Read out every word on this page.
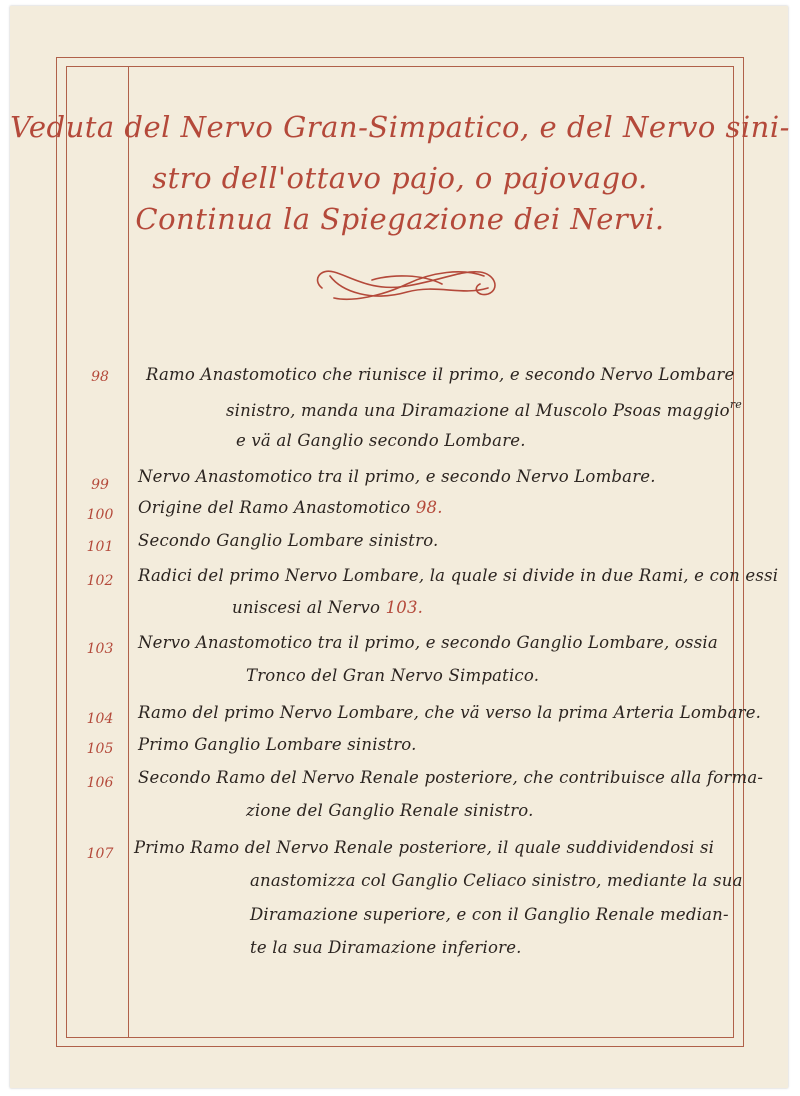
Veduta del Nervo Gran-Simpatico, e del Nervo sini-
stro dell'ottavo pajo, o pajovago.
Continua la Spiegazione dei Nervi.
98	Ramo Anastomotico che riunisce il primo, e secondo Nervo Lombare
sinistro, manda una Diramazione al Muscolo Psoas maggio$^{re}$
e vä al Ganglio secondo Lombare.
99	Nervo Anastomotico tra il primo, e secondo Nervo Lombare.
100	Origine del Ramo Anastomotico 98.
101	Secondo Ganglio Lombare sinistro.
102	Radici del primo Nervo Lombare, la quale si divide in due Rami, e con essi
uniscesi al Nervo 103.
103	Nervo Anastomotico tra il primo, e secondo Ganglio Lombare, ossia
Tronco del Gran Nervo Simpatico.
104	Ramo del primo Nervo Lombare, che vä verso la prima Arteria Lombare.
105	Primo Ganglio Lombare sinistro.
106	Secondo Ramo del Nervo Renale posteriore, che contribuisce alla forma-
zione del Ganglio Renale sinistro.
107	Primo Ramo del Nervo Renale posteriore, il quale suddividendosi si
anastomizza col Ganglio Celiaco sinistro, mediante la sua
Diramazione superiore, e con il Ganglio Renale median-
te la sua Diramazione inferiore.
